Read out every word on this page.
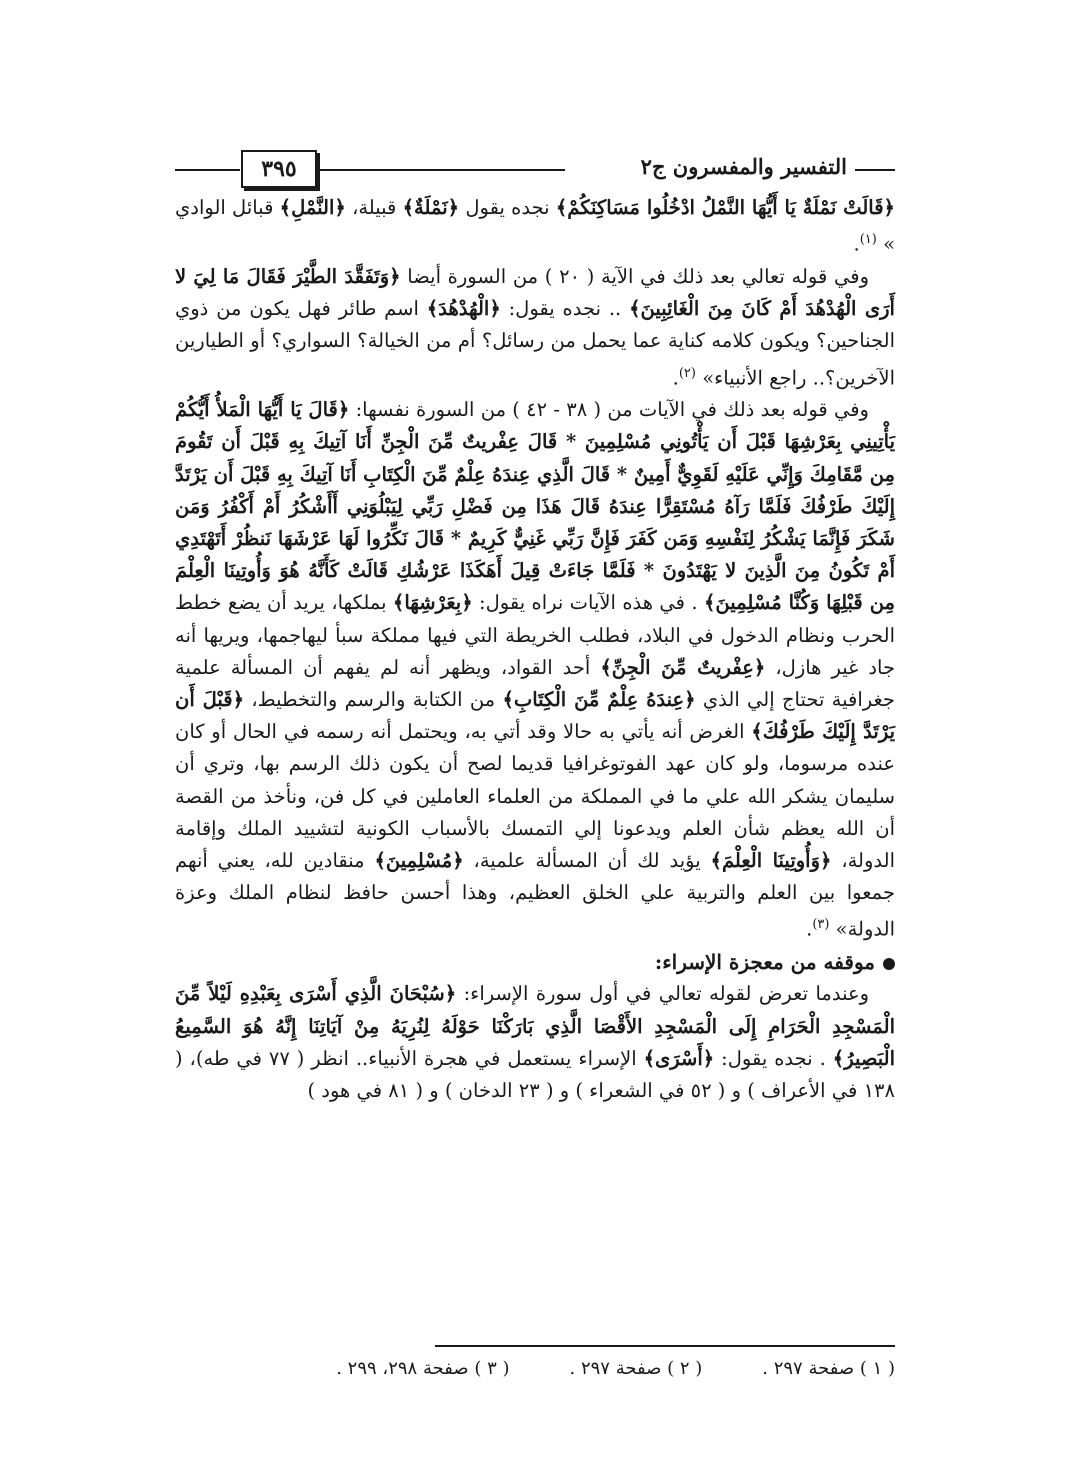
التفسير والمفسرون ج٢
٣٩٥

﴿قَالَتْ نَمْلَةٌ يَا أَيُّهَا النَّمْلُ ادْخُلُوا مَسَاكِنَكُمْ﴾ نجده يقول ﴿نَمْلَةٌ﴾ قبيلة، ﴿النَّمْلِ﴾ قبائل الوادي » $^{(١)}$.

وفي قوله تعالي بعد ذلك في الآية ( ٢٠ ) من السورة أيضا ﴿وَتَفَقَّدَ الطَّيْرَ فَقَالَ مَا لِيَ لا أَرَى الْهُدْهُدَ أَمْ كَانَ مِنَ الْغَائِبِينَ﴾ .. نجده يقول: ﴿الْهُدْهُدَ﴾ اسم طائر فهل يكون من ذوي الجناحين؟ ويكون كلامه كناية عما يحمل من رسائل؟ أم من الخيالة؟ السواري؟ أو الطيارين الآخرين؟.. راجع الأنبياء» $^{(٢)}$.

وفي قوله بعد ذلك في الآيات من ( ٣٨ - ٤٢ ) من السورة نفسها: ﴿قَالَ يَا أَيُّهَا الْمَلأُ أَيُّكُمْ يَأْتِينِي بِعَرْشِهَا قَبْلَ أَن يَأْتُونِي مُسْلِمِينَ * قَالَ عِفْريتٌ مِّنَ الْجِنِّ أَنَا آتِيكَ بِهِ قَبْلَ أَن تَقُومَ مِن مَّقَامِكَ وَإِنِّي عَلَيْهِ لَقَوِيٌّ أَمِينٌ * قَالَ الَّذِي عِندَهُ عِلْمٌ مِّنَ الْكِتَابِ أَنَا آتِيكَ بِهِ قَبْلَ أَن يَرْتَدَّ إِلَيْكَ طَرْفُكَ فَلَمَّا رَآهُ مُسْتَقِرًّا عِندَهُ قَالَ هَذَا مِن فَضْلِ رَبِّي لِيَبْلُوَنِي أَأَشْكُرُ أَمْ أَكْفُرُ وَمَن شَكَرَ فَإِنَّمَا يَشْكُرُ لِنَفْسِهِ وَمَن كَفَرَ فَإِنَّ رَبِّي غَنِيٌّ كَرِيمٌ * قَالَ نَكِّرُوا لَهَا عَرْشَهَا نَنظُرْ أَتَهْتَدِي أَمْ تَكُونُ مِنَ الَّذِينَ لا يَهْتَدُونَ * فَلَمَّا جَاءَتْ قِيلَ أَهَكَذَا عَرْشُكِ قَالَتْ كَأَنَّهُ هُوَ وَأُوتِينَا الْعِلْمَ مِن قَبْلِهَا وَكُنَّا مُسْلِمِينَ﴾ . في هذه الآيات نراه يقول: ﴿بِعَرْشِهَا﴾ بملكها، يريد أن يضع خطط الحرب ونظام الدخول في البلاد، فطلب الخريطة التي فيها مملكة سبأ ليهاجمها، ويريها أنه جاد غير هازل، ﴿عِفْريتٌ مِّنَ الْجِنِّ﴾ أحد القواد، ويظهر أنه لم يفهم أن المسألة علمية جغرافية تحتاج إلي الذي ﴿عِندَهُ عِلْمٌ مِّنَ الْكِتَابِ﴾ من الكتابة والرسم والتخطيط، ﴿قَبْلَ أَن يَرْتَدَّ إِلَيْكَ طَرْفُكَ﴾ الغرض أنه يأتي به حالا وقد أتي به، ويحتمل أنه رسمه في الحال أو كان عنده مرسوما، ولو كان عهد الفوتوغرافيا قديما لصح أن يكون ذلك الرسم بها، وتري أن سليمان يشكر الله علي ما في المملكة من العلماء العاملين في كل فن، ونأخذ من القصة أن الله يعظم شأن العلم ويدعونا إلي التمسك بالأسباب الكونية لتشييد الملك وإقامة الدولة، ﴿وَأُوتِينَا الْعِلْمَ﴾ يؤيد لك أن المسألة علمية، ﴿مُسْلِمِينَ﴾ منقادين لله، يعني أنهم جمعوا بين العلم والتربية علي الخلق العظيم، وهذا أحسن حافظ لنظام الملك وعزة الدولة» $^{(٣)}$.

موقفه من معجزة الإسراء:

وعندما تعرض لقوله تعالي في أول سورة الإسراء: ﴿سُبْحَانَ الَّذِي أَسْرَى بِعَبْدِهِ لَيْلاً مِّنَ الْمَسْجِدِ الْحَرَامِ إِلَى الْمَسْجِدِ الأَقْصَا الَّذِي بَارَكْنَا حَوْلَهُ لِنُرِيَهُ مِنْ آيَاتِنَا إِنَّهُ هُوَ السَّمِيعُ الْبَصِيرُ﴾ . نجده يقول: ﴿أَسْرَى﴾ الإسراء يستعمل في هجرة الأنبياء.. انظر ( ٧٧ في طه)، ( ١٣٨ في الأعراف ) و ( ٥٢ في الشعراء ) و ( ٢٣ الدخان ) و ( ٨١ في هود )

( ١ ) صفحة ٢٩٧ .
( ٢ ) صفحة ٢٩٧ .
( ٣ ) صفحة ٢٩٨، ٢٩٩ .
